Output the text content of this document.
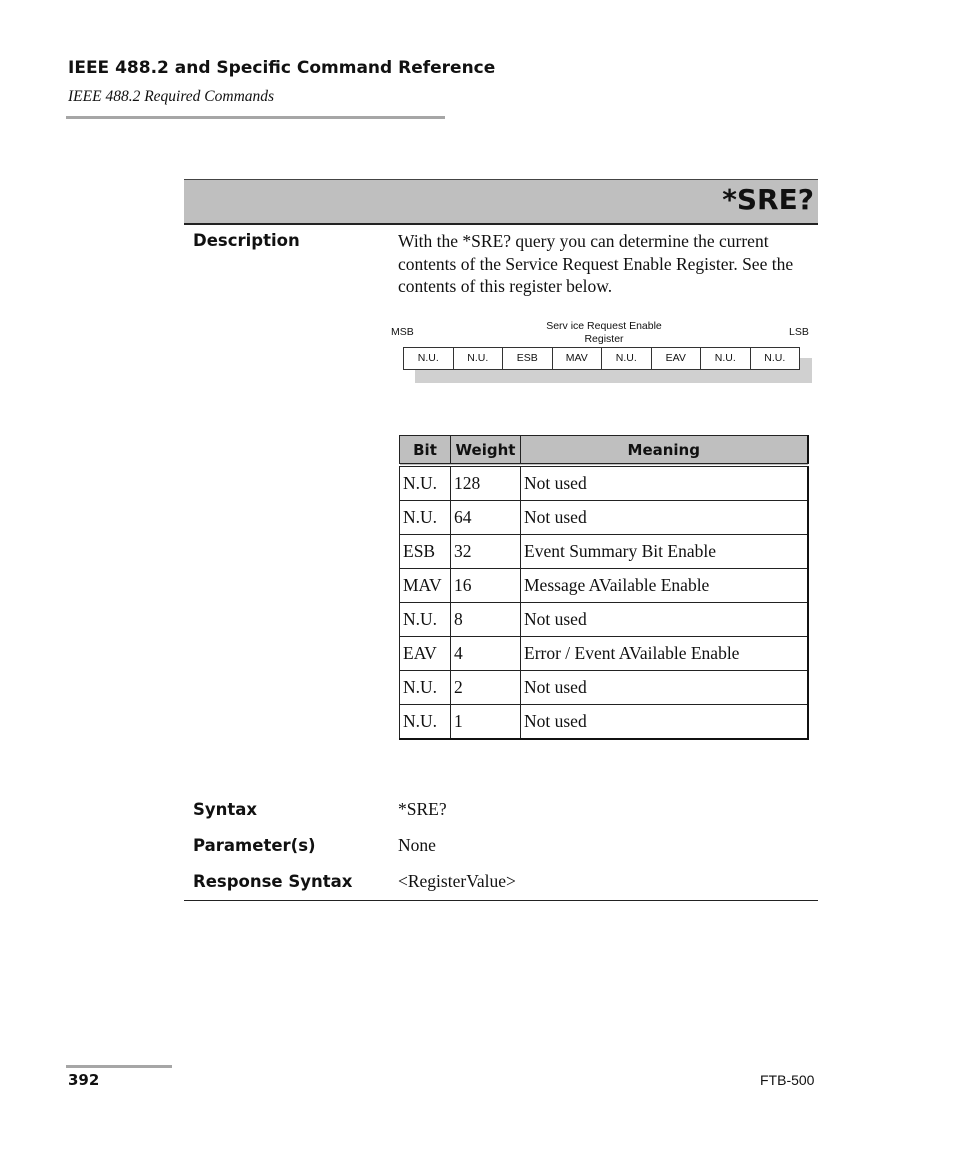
IEEE 488.2 and Specific Command Reference
IEEE 488.2 Required Commands
*SRE?
Description	With the *SRE? query you can determine the current contents of the Service Request Enable Register. See the contents of this register below.
MSB	LSB
Serv ice Request Enable Register
N.U.	N.U.	ESB	MAV	N.U.	EAV	N.U.	N.U.
Bit	Weight	Meaning
N.U.	128	Not used
N.U.	64	Not used
ESB	32	Event Summary Bit Enable
MAV	16	Message AVailable Enable
N.U.	8	Not used
EAV	4	Error / Event AVailable Enable
N.U.	2	Not used
N.U.	1	Not used
Syntax	*SRE?
Parameter(s)	None
Response Syntax	<RegisterValue>
392	FTB-500
